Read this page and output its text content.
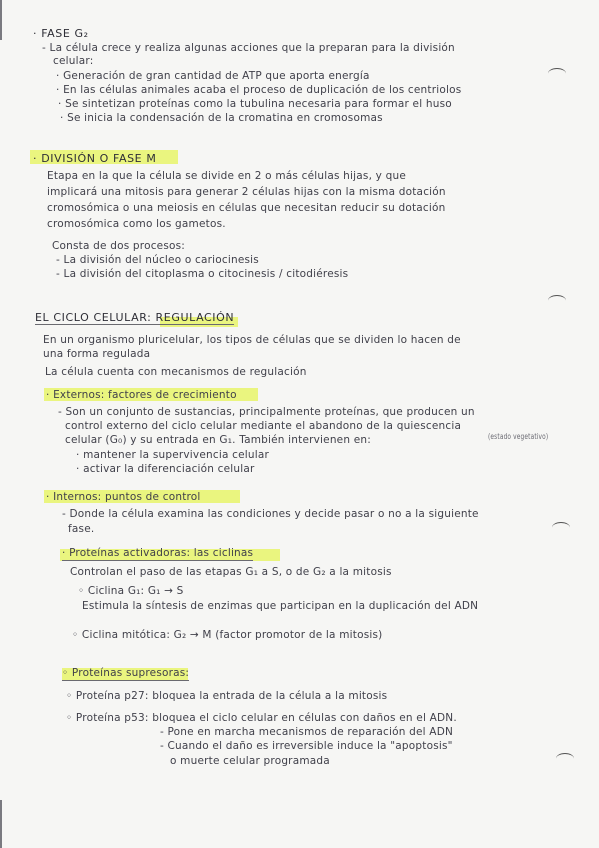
· FASE G₂
- La célula crece y realiza algunas acciones que la preparan para la división
celular:
· Generación de gran cantidad de ATP que aporta energía
· En las células animales acaba el proceso de duplicación de los centriolos
· Se sintetizan proteínas como la tubulina necesaria para formar el huso
· Se inicia la condensación de la cromatina en cromosomas
· DIVISIÓN O FASE M
Etapa en la que la célula se divide en 2 o más células hijas, y que
implicará una mitosis para generar 2 células hijas con la misma dotación
cromosómica o una meiosis en células que necesitan reducir su dotación
cromosómica como los gametos.
Consta de dos procesos:
- La división del núcleo o cariocinesis
- La división del citoplasma o citocinesis / citodiéresis
EL CICLO CELULAR: REGULACIÓN
En un organismo pluricelular, los tipos de células que se dividen lo hacen de
una forma regulada
La célula cuenta con mecanismos de regulación
· Externos: factores de crecimiento
- Son un conjunto de sustancias, principalmente proteínas, que producen un
control externo del ciclo celular mediante el abandono de la quiescencia
celular (G₀) y su entrada en G₁. También intervienen en:	(estado vegetativo)
· mantener la supervivencia celular
· activar la diferenciación celular
· Internos: puntos de control
- Donde la célula examina las condiciones y decide pasar o no a la siguiente
fase.
· Proteínas activadoras: las ciclinas
Controlan el paso de las etapas G₁ a S, o de G₂ a la mitosis
◦ Ciclina G₁: G₁ → S
Estimula la síntesis de enzimas que participan en la duplicación del ADN
◦ Ciclina mitótica: G₂ → M (factor promotor de la mitosis)
◦ Proteínas supresoras:
◦ Proteína p27: bloquea la entrada de la célula a la mitosis
◦ Proteína p53: bloquea el ciclo celular en células con daños en el ADN.
- Pone en marcha mecanismos de reparación del ADN
- Cuando el daño es irreversible induce la "apoptosis"
o muerte celular programada
